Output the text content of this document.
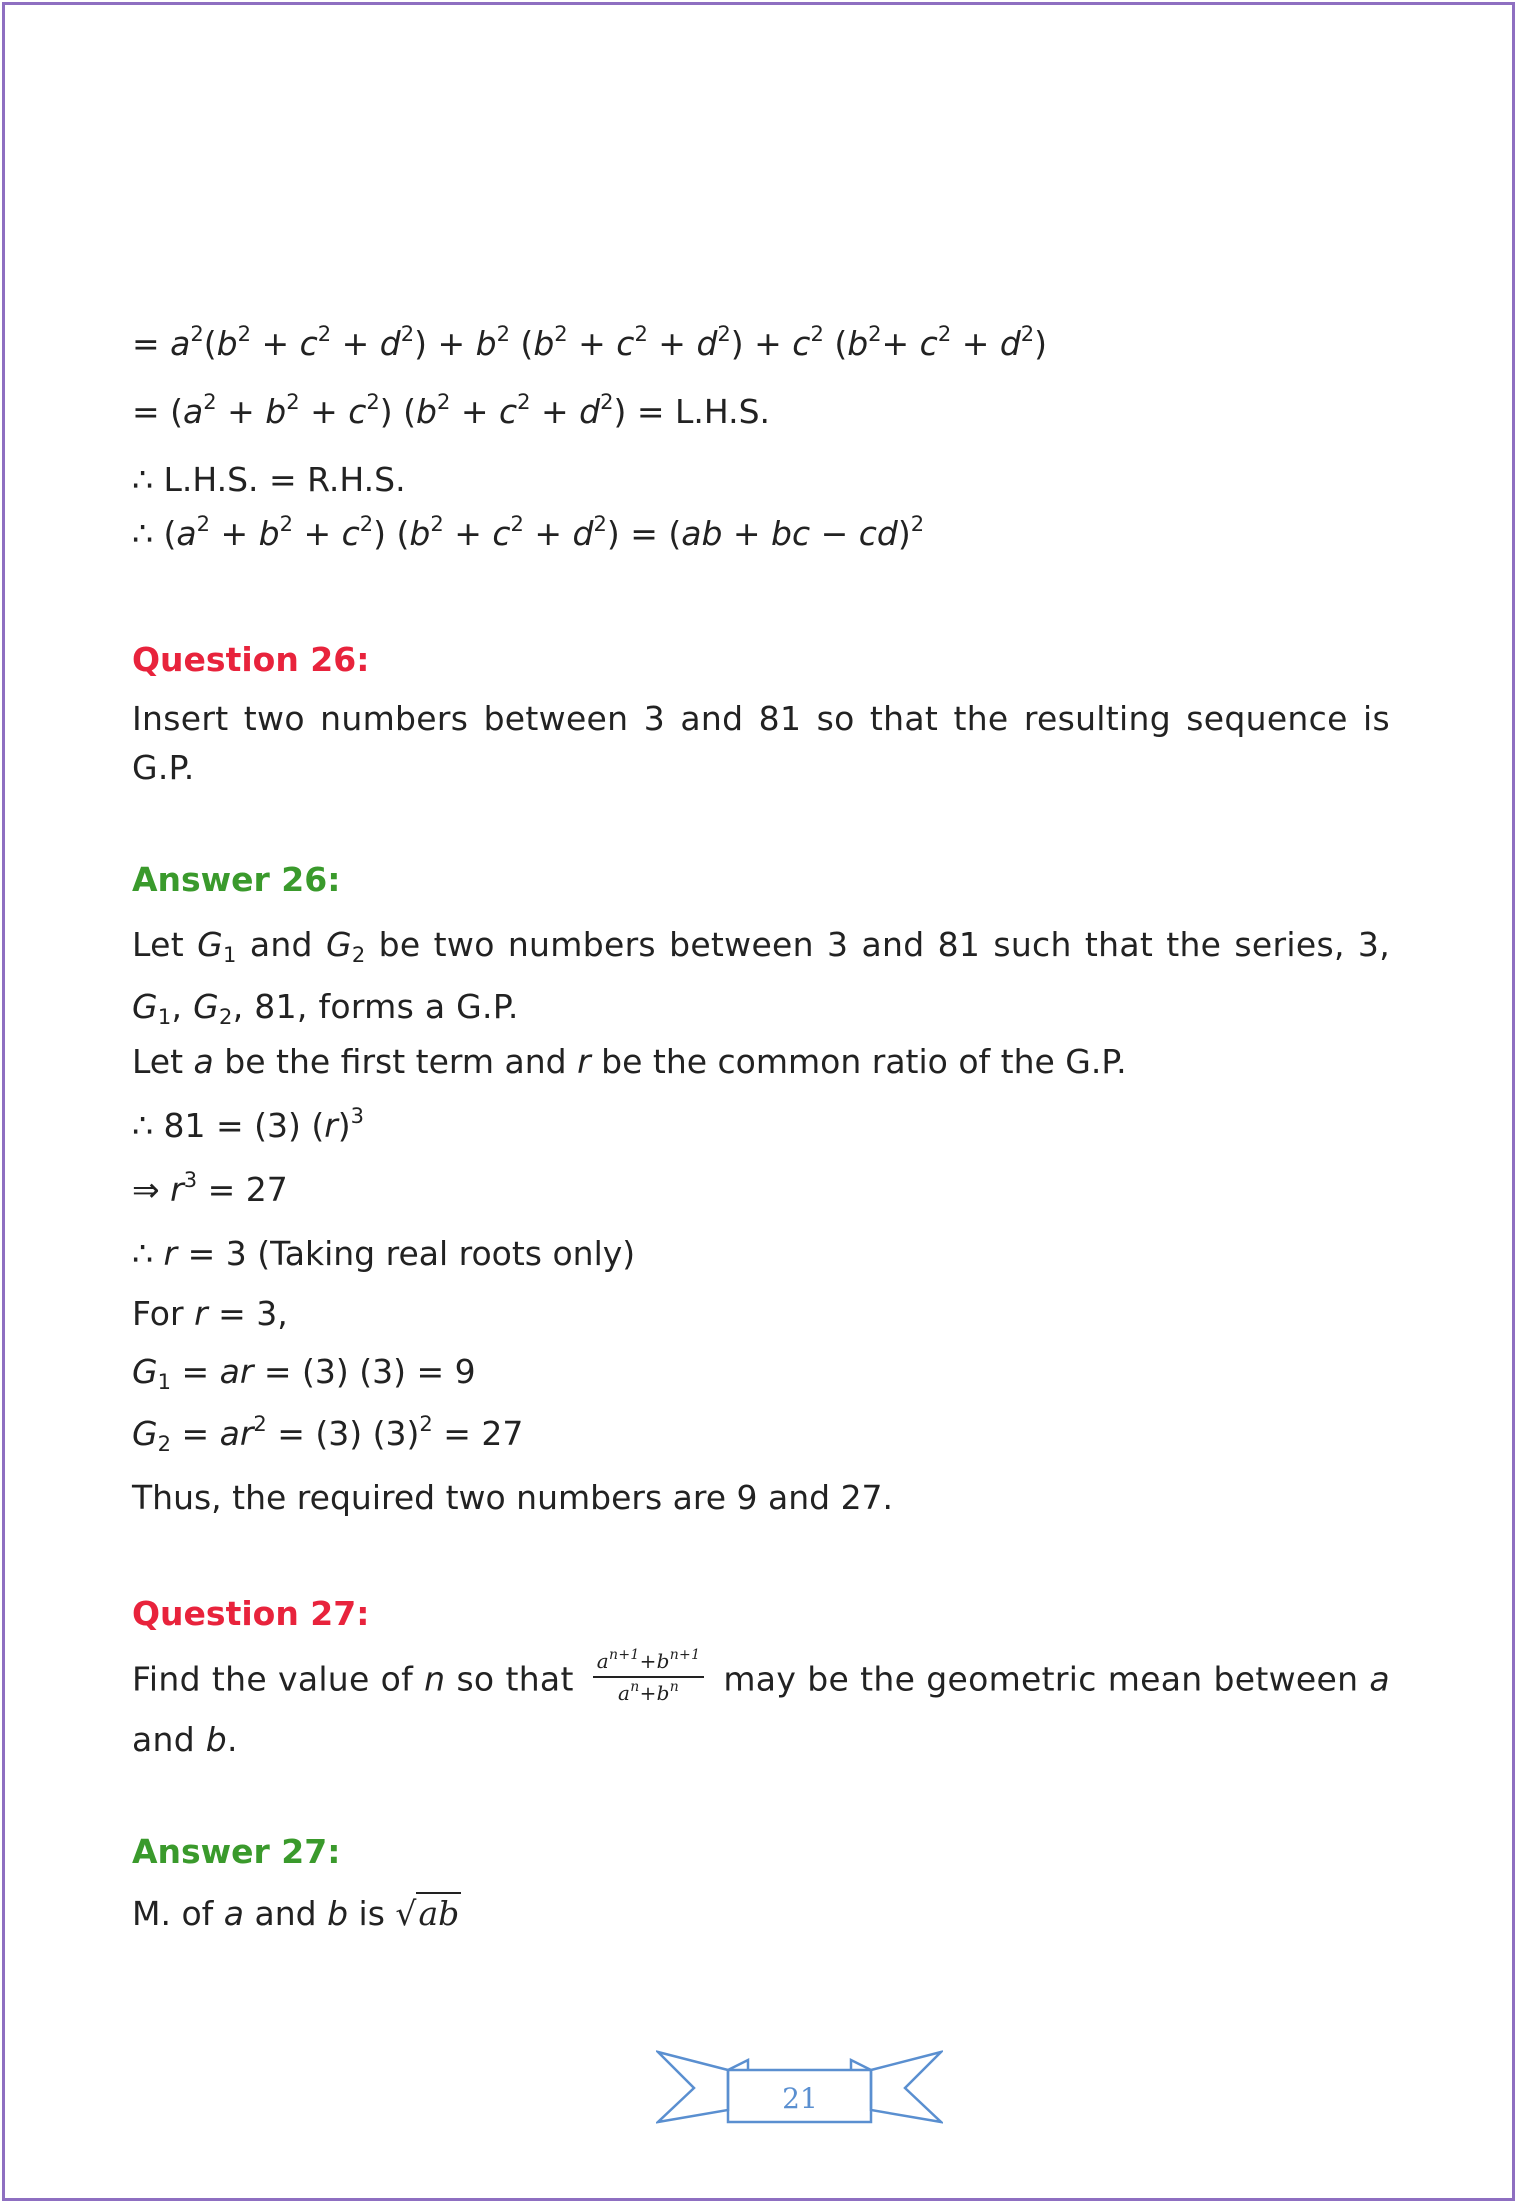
= $a^2(b^2 + c^2 + d^2) + b^2$ $(b^2 + c^2 + d^2) + c^2$ $(b^2+ c^2 + d^2)$
= $(a^2 + b^2 + c^2) (b^2 + c^2 + d^2) = L.H.S$.
∴ L.H.S. = R.H.S.
∴ $(a^2 + b^2 + c^2) (b^2 + c^2 + d^2) = (ab$ + bc − cd)$^2$
Question 26:
Insert two numbers between 3 and 81 so that the resulting sequence is G.P.
Answer 26:
Let $G_1$ and $G_2$ be two numbers between 3 and 81 such that the series, 3, $G_1$, $G_2$, 81, forms a G.P.
Let a be the first term and r be the common ratio of the G.P.
∴ 81 = (3) $(r)^3$
⇒ $r^3 = 27$
∴ r = 3 (Taking real roots only)
For r = 3,
$G_1$ = ar = (3) (3) = 9
$G_2 = ar^2 = (3) (3)^2 = 27$
Thus, the required two numbers are 9 and 27.
Question 27:
Find the value of n so that $\frac{a^{n+1}+b^{n+1}}{a^n+b^n}$ may be the geometric mean between a and b.
Answer 27:
M. of a and b is √ab
21
